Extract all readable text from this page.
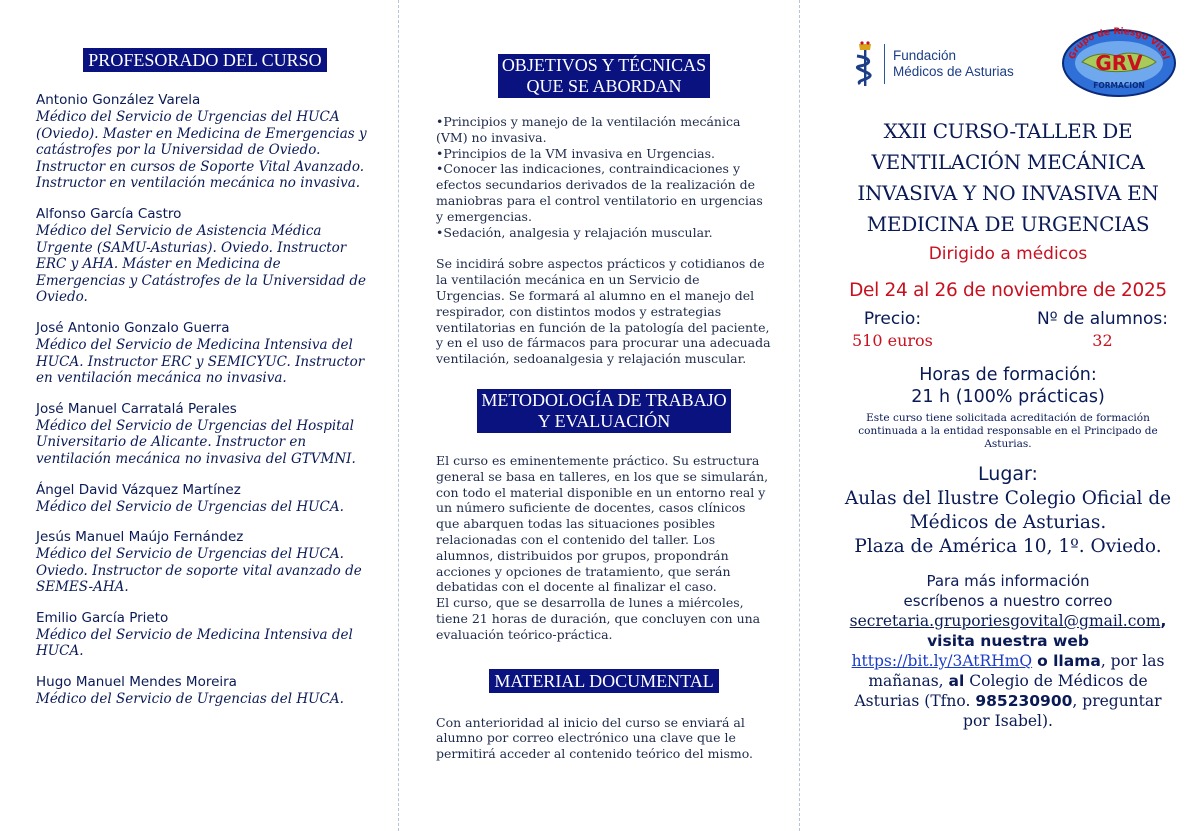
PROFESORADO DEL CURSO
Antonio González Varela
Médico del Servicio de Urgencias del HUCA (Oviedo). Master en Medicina de Emergencias y catástrofes por la Universidad de Oviedo. Instructor en cursos de Soporte Vital Avanzado. Instructor en ventilación mecánica no invasiva.
Alfonso García Castro
Médico del Servicio de Asistencia Médica Urgente (SAMU-Asturias). Oviedo. Instructor ERC y AHA. Máster en Medicina de Emergencias y Catástrofes de la Universidad de Oviedo.
José Antonio Gonzalo Guerra
Médico del Servicio de Medicina Intensiva del HUCA. Instructor ERC y SEMICYUC. Instructor en ventilación mecánica no invasiva.
José Manuel Carratalá Perales
Médico del Servicio de Urgencias del Hospital Universitario de Alicante. Instructor en ventilación mecánica no invasiva del GTVMNI.
Ángel David Vázquez Martínez
Médico del Servicio de Urgencias del HUCA.
Jesús Manuel Maújo Fernández
Médico del Servicio de Urgencias del HUCA. Oviedo. Instructor de soporte vital avanzado de SEMES-AHA.
Emilio García Prieto
Médico del Servicio de Medicina Intensiva del HUCA.
Hugo Manuel Mendes Moreira
Médico del Servicio de Urgencias del HUCA.
OBJETIVOS Y TÉCNICAS
QUE SE ABORDAN
• Principios y manejo de la ventilación mecánica (VM) no invasiva.
• Principios de la VM invasiva en Urgencias.
• Conocer las indicaciones, contraindicaciones y efectos secundarios derivados de la realización de maniobras para el control ventilatorio en urgencias y emergencias.
• Sedación, analgesia y relajación muscular.

Se incidirá sobre aspectos prácticos y cotidianos de la ventilación mecánica en un Servicio de Urgencias. Se formará al alumno en el manejo del respirador, con distintos modos y estrategias ventilatorias en función de la patología del paciente, y en el uso de fármacos para procurar una adecuada ventilación, sedoanalgesia y relajación muscular.

METODOLOGÍA DE TRABAJO
Y EVALUACIÓN

El curso es eminentemente práctico. Su estructura general se basa en talleres, en los que se simularán, con todo el material disponible en un entorno real y un número suficiente de docentes, casos clínicos que abarquen todas las situaciones posibles relacionadas con el contenido del taller. Los alumnos, distribuidos por grupos, propondrán acciones y opciones de tratamiento, que serán debatidas con el docente al finalizar el caso.

El curso, que se desarrolla de lunes a miércoles, tiene 21 horas de duración, que concluyen con una evaluación teórico-práctica.

MATERIAL DOCUMENTAL

Con anterioridad al inicio del curso se enviará al alumno por correo electrónico una clave que le permitirá acceder al contenido teórico del mismo.

Fundación
Médicos de Asturias
Grupo de Riesgo Vital
GRV
FORMACION
XXII CURSO-TALLER DE
VENTILACIÓN MECÁNICA
INVASIVA Y NO INVASIVA EN
MEDICINA DE URGENCIAS
Dirigido a médicos
Del 24 al 26 de noviembre de 2025
Precio:
510 euros
Nº de alumnos:
32
Horas de formación:
21 h (100% prácticas)
Este curso tiene solicitada acreditación de formación continuada a la entidad responsable en el Principado de Asturias.
Lugar:
Aulas del Ilustre Colegio Oficial de
Médicos de Asturias.
Plaza de América 10, 1º. Oviedo.
Para más información
escríbenos a nuestro correo
secretaria.gruporiesgovital@gmail.com,
visita nuestra web
https://bit.ly/3AtRHmQ o llama, por las
mañanas, al Colegio de Médicos de
Asturias (Tfno. 985230900, preguntar
por Isabel).
